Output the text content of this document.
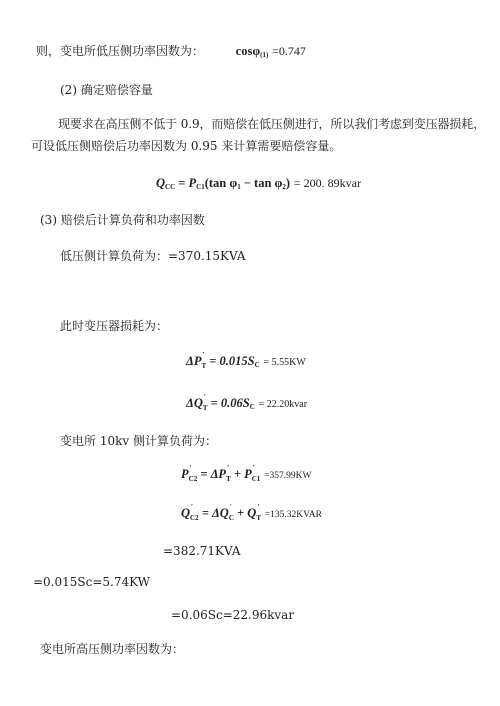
则，变电所低压侧功率因数为：	cosφ$_{(1)}$ =0.747
(2) 确定赔偿容量
现要求在高压侧不低于 0.9，而赔偿在低压侧进行，所以我们考虑到变压器损耗，
可设低压侧赔偿后功率因数为 0.95 来计算需要赔偿容量。
$Q_{CC} = P_{C1}(\tan$ $\varphi_1 - \tan \varphi_2) = 200$. 89kvar
(3) 赔偿后计算负荷和功率因数
低压侧计算负荷为：=370.15KVA
此时变压器损耗为：
ΔP ′
$_T = 0.015S_C = 5.55KW$
ΔQ ′
$_T = 0.06S_C$ = 22.20kvar
变电所 10kv 侧计算负荷为：
P ′
$_{C2}$ = ΔP ′
$_T$ + P ′
$_{C1}$ =357.99KW
Q ′
$_{C2}$ = ΔQ ′
$_C$ + Q ′
$_T$ =135.32KVAR
=382.71KVA
=0.015Sc=5.74KW
=0.06Sc=22.96kvar
变电所高压侧功率因数为：
